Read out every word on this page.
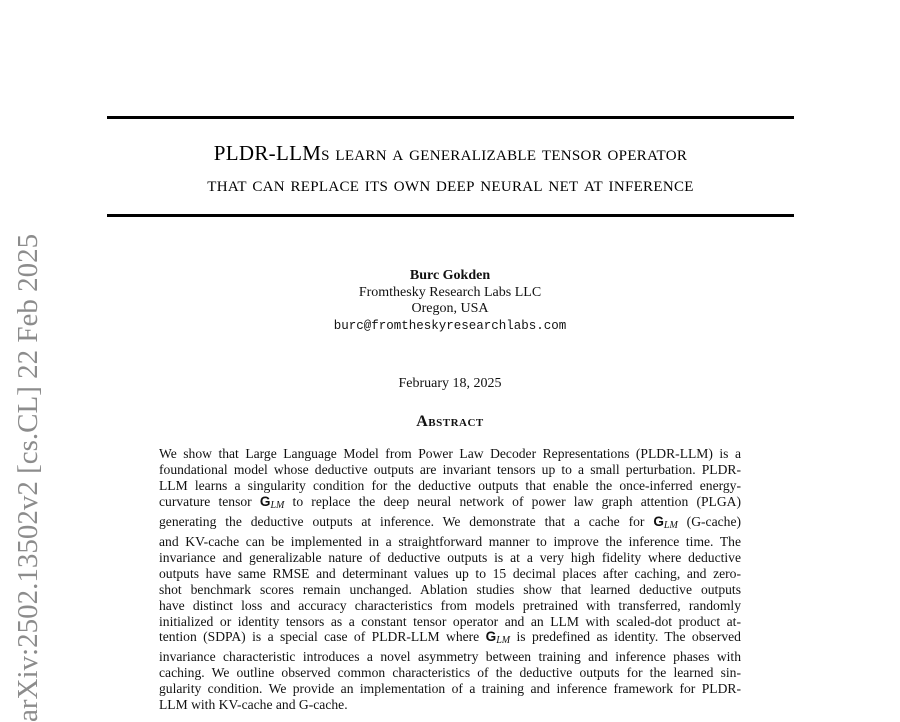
arXiv:2502.13502v2 [cs.CL] 22 Feb 2025
PLDR-LLMs learn a generalizable tensor operator
that can replace its own deep neural net at inference
Burc Gokden
Fromthesky Research Labs LLC
Oregon, USA
burc@fromtheskyresearchlabs.com
February 18, 2025
Abstract
We show that Large Language Model from Power Law Decoder Representations (PLDR-LLM) is a
foundational model whose deductive outputs are invariant tensors up to a small perturbation. PLDR-
LLM learns a singularity condition for the deductive outputs that enable the once-inferred energy-
curvature tensor GLM to replace the deep neural network of power law graph attention (PLGA)
generating the deductive outputs at inference. We demonstrate that a cache for GLM (G-cache)
and KV-cache can be implemented in a straightforward manner to improve the inference time. The
invariance and generalizable nature of deductive outputs is at a very high fidelity where deductive
outputs have same RMSE and determinant values up to 15 decimal places after caching, and zero-
shot benchmark scores remain unchanged. Ablation studies show that learned deductive outputs
have distinct loss and accuracy characteristics from models pretrained with transferred, randomly
initialized or identity tensors as a constant tensor operator and an LLM with scaled-dot product at-
tention (SDPA) is a special case of PLDR-LLM where GLM is predefined as identity. The observed
invariance characteristic introduces a novel asymmetry between training and inference phases with
caching. We outline observed common characteristics of the deductive outputs for the learned sin-
gularity condition. We provide an implementation of a training and inference framework for PLDR-
LLM with KV-cache and G-cache.
